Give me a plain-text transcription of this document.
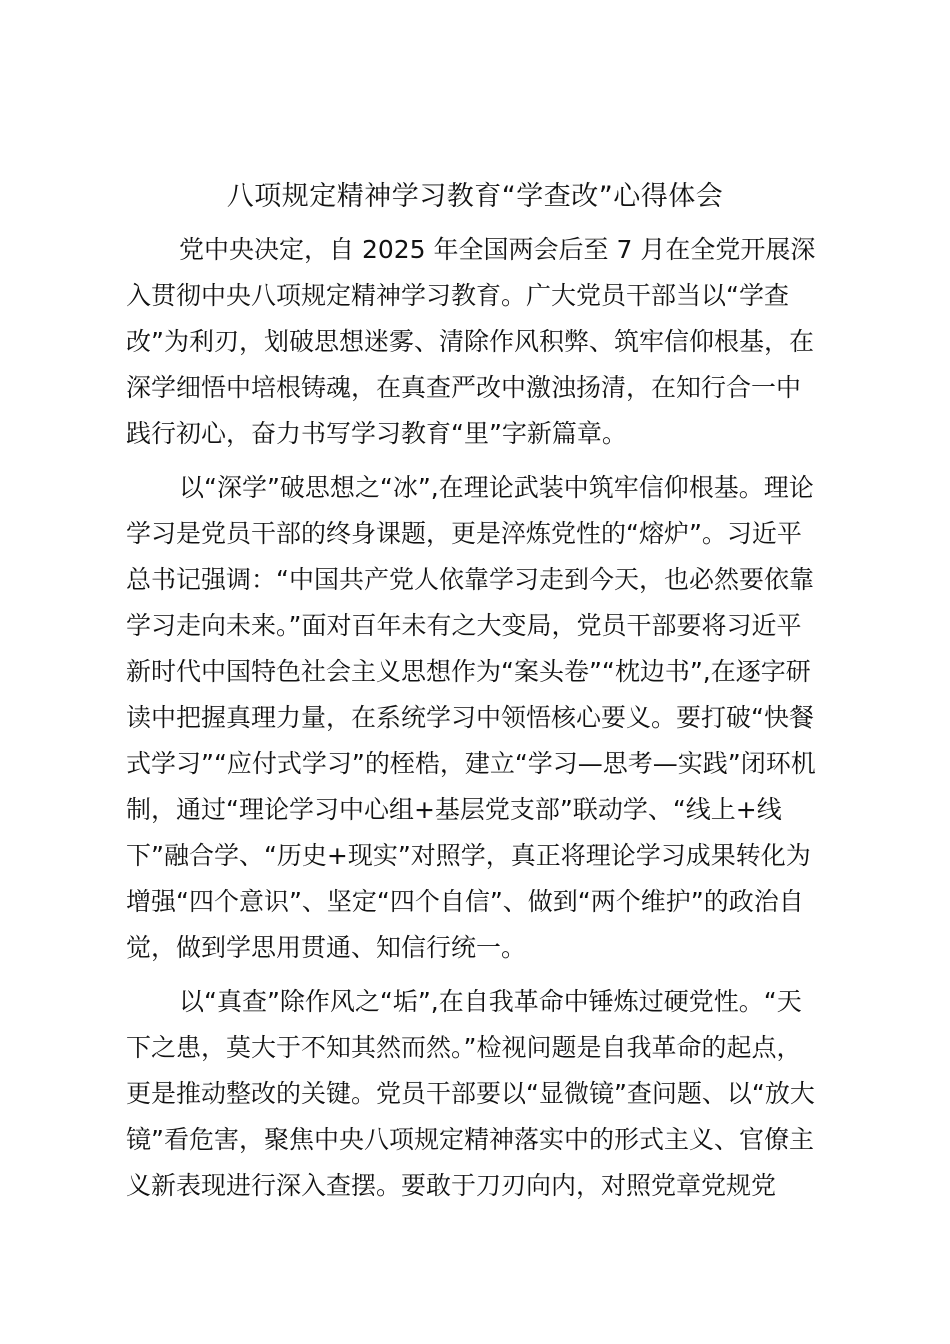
八项规定精神学习教育“学查改”心得体会
党中央决定，自 2025 年全国两会后至 7 月在全党开展深
入贯彻中央八项规定精神学习教育。广大党员干部当以“学查
改”为利刃，划破思想迷雾、清除作风积弊、筑牢信仰根基，在
深学细悟中培根铸魂，在真查严改中激浊扬清，在知行合一中
践行初心，奋力书写学习教育“里”字新篇章。
以“深学”破思想之“冰”,在理论武装中筑牢信仰根基。理论
学习是党员干部的终身课题，更是淬炼党性的“熔炉”。习近平
总书记强调：“中国共产党人依靠学习走到今天，也必然要依靠
学习走向未来。”面对百年未有之大变局，党员干部要将习近平
新时代中国特色社会主义思想作为“案头卷”“枕边书”,在逐字研
读中把握真理力量，在系统学习中领悟核心要义。要打破“快餐
式学习”“应付式学习”的桎梏，建立“学习—思考—实践”闭环机
制，通过“理论学习中心组+基层党支部”联动学、“线上+线
下”融合学、“历史+现实”对照学，真正将理论学习成果转化为
增强“四个意识”、坚定“四个自信”、做到“两个维护”的政治自
觉，做到学思用贯通、知信行统一。
以“真查”除作风之“垢”,在自我革命中锤炼过硬党性。“天
下之患，莫大于不知其然而然。”检视问题是自我革命的起点，
更是推动整改的关键。党员干部要以“显微镜”查问题、以“放大
镜”看危害，聚焦中央八项规定精神落实中的形式主义、官僚主
义新表现进行深入查摆。要敢于刀刃向内，对照党章党规党
